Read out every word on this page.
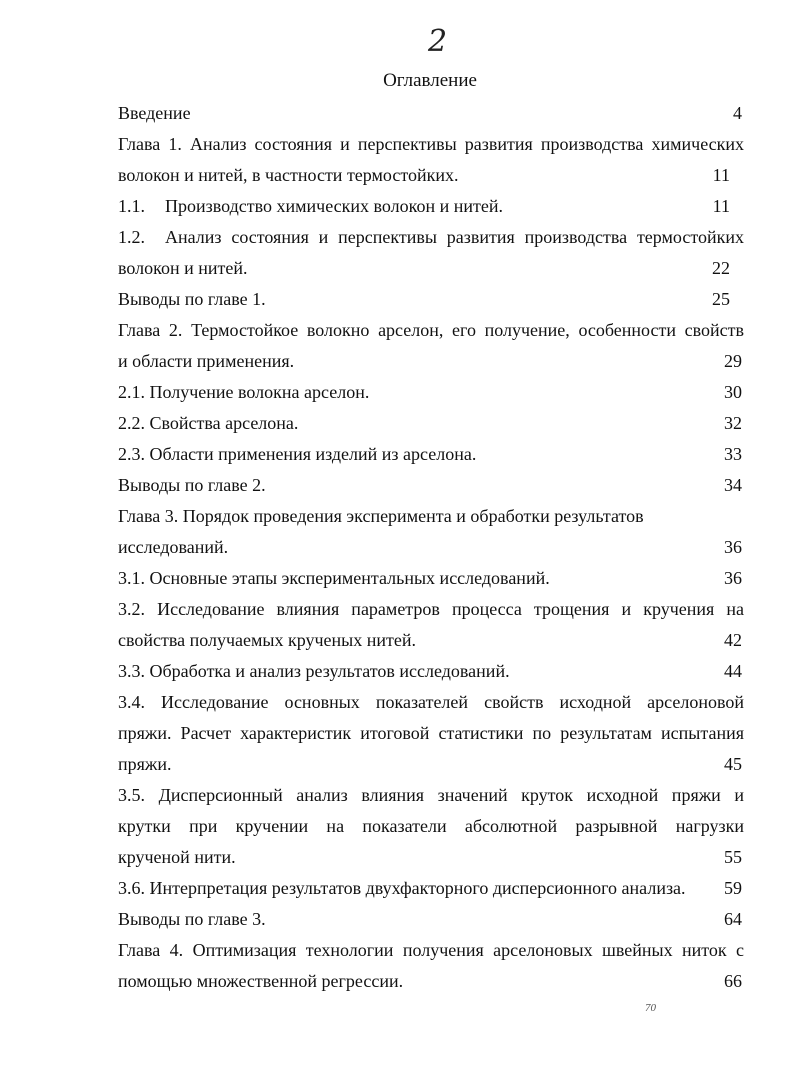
2
Оглавление
Введение	4
Глава 1. Анализ состояния и перспективы развития производства химических
волокон и нитей, в частности термостойких.	11
1.1. Производство химических волокон и нитей.	11
1.2. Анализ состояния и перспективы развития производства термостойких
волокон и нитей.	22
Выводы по главе 1.	25
Глава 2. Термостойкое волокно арселон, его получение, особенности свойств
и области применения.	29
2.1. Получение волокна арселон.	30
2.2. Свойства арселона.	32
2.3. Области применения изделий из арселона.	33
Выводы по главе 2.	34
Глава 3. Порядок проведения эксперимента и обработки результатов
исследований.	36
3.1. Основные этапы экспериментальных исследований.	36
3.2. Исследование влияния параметров процесса трощения и кручения на
свойства получаемых крученых нитей.	42
3.3. Обработка и анализ результатов исследований.	44
3.4. Исследование основных показателей свойств исходной арселоновой
пряжи. Расчет характеристик итоговой статистики по результатам испытания
пряжи.	45
3.5. Дисперсионный анализ влияния значений круток исходной пряжи и
крутки при кручении на показатели абсолютной разрывной нагрузки
крученой нити.	55
3.6. Интерпретация результатов двухфакторного дисперсионного анализа.	59
Выводы по главе 3.	64
Глава 4. Оптимизация технологии получения арселоновых швейных ниток с
помощью множественной регрессии.	66
70
